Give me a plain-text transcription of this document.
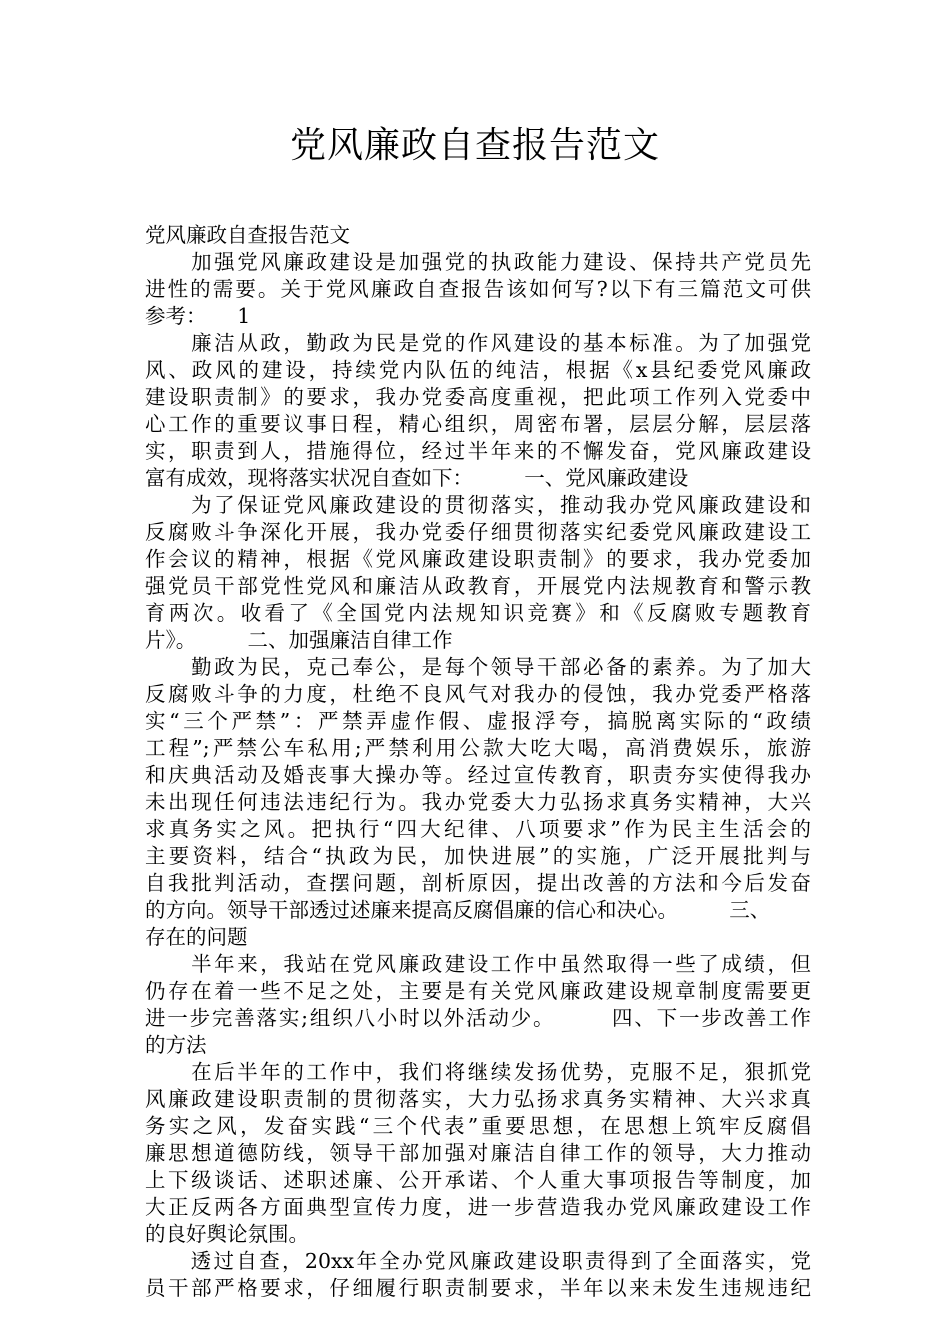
党风廉政自查报告范文
党风廉政自查报告范文
　　加强党风廉政建设是加强党的执政能力建设、保持共产党员先
进性的需要。关于党风廉政自查报告该如何写?以下有三篇范文可供
参考：　　1
　　廉洁从政，勤政为民是党的作风建设的基本标准。为了加强党
风、政风的建设，持续党内队伍的纯洁，根据《x县纪委党风廉政
建设职责制》的要求，我办党委高度重视，把此项工作列入党委中
心工作的重要议事日程，精心组织，周密布署，层层分解，层层落
实，职责到人，措施得位，经过半年来的不懈发奋，党风廉政建设
富有成效，现将落实状况自查如下：　　　一、党风廉政建设
　　为了保证党风廉政建设的贯彻落实，推动我办党风廉政建设和
反腐败斗争深化开展，我办党委仔细贯彻落实纪委党风廉政建设工
作会议的精神，根据《党风廉政建设职责制》的要求，我办党委加
强党员干部党性党风和廉洁从政教育，开展党内法规教育和警示教
育两次。收看了《全国党内法规知识竞赛》和《反腐败专题教育
片》。　　　二、加强廉洁自律工作
　　勤政为民，克己奉公，是每个领导干部必备的素养。为了加大
反腐败斗争的力度，杜绝不良风气对我办的侵蚀，我办党委严格落
实“三个严禁”：严禁弄虚作假、虚报浮夸，搞脱离实际的“政绩
工程”;严禁公车私用;严禁利用公款大吃大喝，高消费娱乐，旅游
和庆典活动及婚丧事大操办等。经过宣传教育，职责夯实使得我办
未出现任何违法违纪行为。我办党委大力弘扬求真务实精神，大兴
求真务实之风。把执行“四大纪律、八项要求”作为民主生活会的
主要资料，结合“执政为民，加快进展”的实施，广泛开展批判与
自我批判活动，查摆问题，剖析原因，提出改善的方法和今后发奋
的方向。领导干部透过述廉来提高反腐倡廉的信心和决心。　　　三、
存在的问题
　　半年来，我站在党风廉政建设工作中虽然取得一些了成绩，但
仍存在着一些不足之处，主要是有关党风廉政建设规章制度需要更
进一步完善落实;组织八小时以外活动少。　　　四、下一步改善工作
的方法
　　在后半年的工作中，我们将继续发扬优势，克服不足，狠抓党
风廉政建设职责制的贯彻落实，大力弘扬求真务实精神、大兴求真
务实之风，发奋实践“三个代表”重要思想，在思想上筑牢反腐倡
廉思想道德防线，领导干部加强对廉洁自律工作的领导，大力推动
上下级谈话、述职述廉、公开承诺、个人重大事项报告等制度，加
大正反两各方面典型宣传力度，进一步营造我办党风廉政建设工作
的良好舆论氛围。
　　透过自查，20xx年全办党风廉政建设职责得到了全面落实，党
员干部严格要求，仔细履行职责制要求，半年以来未发生违规违纪
